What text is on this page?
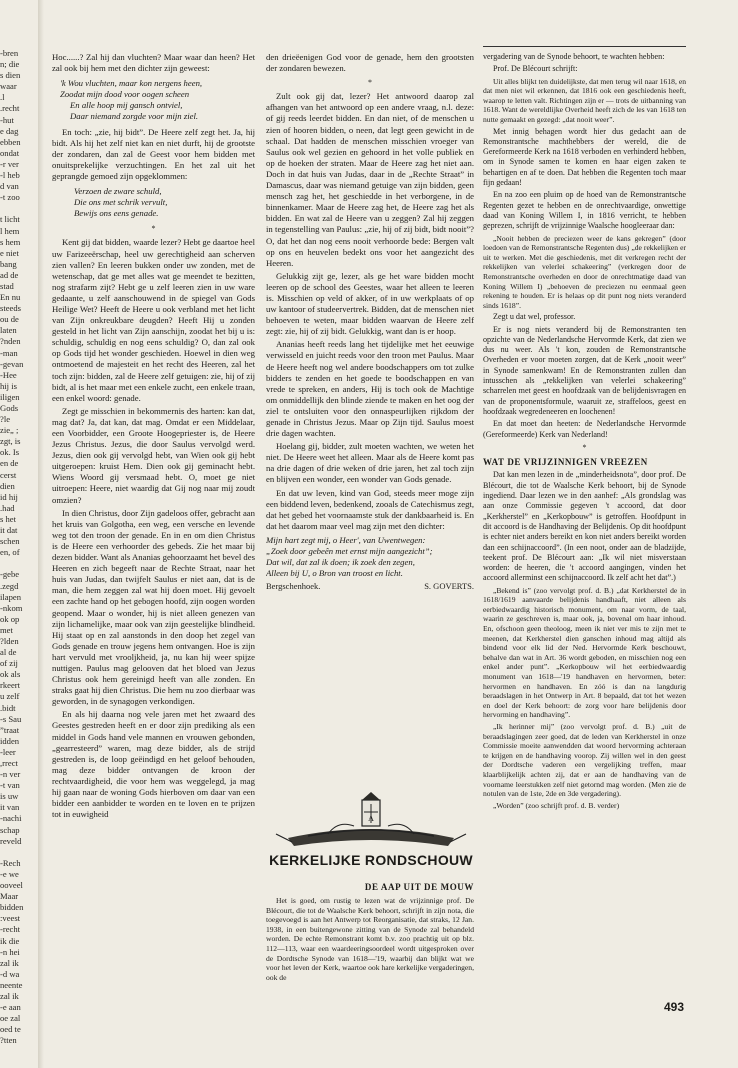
bren-
n; die
s dien
waar
l.
recht.
hut-
e dag
ebben
ondat
r ver-
l heb-
d van
t zoo-

t licht
l hem
s hem
e niet
bang
ad de
stad
En nu
steeds
ou de
laten
nden?
man-
gevan-
Hee-
hij is
iligen
Gods
le?
; „zie
zgt, is
ok. Is
en de
cerst
dien
id hij
had.
s het
it dat
schen
en, of

gebe-
zegd.
ilapen
nkom-
ok op
met
lden?
al de
of zij
ok als
rkeert
u zelf
bidt.
s Sau-
traat”
idden
leer-
rrect,
n ver-
t van-
is uw
it van
nachi-
schap
reveld

Rech-
e we-
ooveel
Maar
bidden
veest:
recht-
ik die
n hei-
zal ik
d wa-
neente
zal ik
e aan-
oe zal
oed te
tten?

Hoc......? Zal hij dan vluchten? Maar waar dan heen? Het zal ook bij hem met den dichter zijn geweest:

'k Wou vluchten, maar kon nergens heen,
Zoodat mijn dood voor oogen scheen
En alle hoop mij gansch ontviel,
Daar niemand zorgde voor mijn ziel.

En toch: „zie, hij bidt”. De Heere zelf zegt het. Ja, hij bidt. Als hij het zelf niet kan en niet durft, hij de grootste der zondaren, dan zal de Geest voor hem bidden met onuitsprekelijke verzuchtingen. En het zal uit het geprangde gemoed zijn opgeklommen:

Verzoen de zware schuld,
Die ons met schrik vervult,
Bewijs ons eens genade.
*

Kent gij dat bidden, waarde lezer? Hebt ge daartoe heel uw Farizeeërschap, heel uw gerechtigheid aan scherven zien vallen? En leeren bukken onder uw zonden, met de wetenschap, dat ge met alles wat ge meendet te bezitten, nog strafarm zijt? Hebt ge u zelf leeren zien in uw ware gedaante, u zelf aanschouwend in de spiegel van Gods Heilige Wet? Heeft de Heere u ook verbland met het licht van Zijn onkreukbare deugden? Heeft Hij u zonden gesteld in het licht van Zijn aanschijn, zoodat het bij u is: schuldig, schuldig en nog eens schuldig? O, dan zal ook op Gods tijd het wonder geschieden. Hoewel in dien weg ontmoetend de majesteit en het recht des Heeren, zal het toch zijn: bidden, zal de Heere zelf getuigen: zie, hij of zij bidt, al is het maar met een enkele zucht, een enkele traan, een enkel woord: genade.

Zegt ge misschien in bekommernis des harten: kan dat, mag dat? Ja, dat kan, dat mag. Omdat er een Middelaar, een Voorbidder, een Groote Hoogepriester is, de Heere Jezus Christus. Jezus, die door Saulus vervolgd werd. Jezus, dien ook gij vervolgd hebt, van Wien ook gij hebt uitgeroepen: kruist Hem. Dien ook gij geminacht hebt. Wiens Woord gij versmaad hebt. O, moet ge niet uitroepen: Heere, niet waardig dat Gij nog naar mij zoudt omzien?

In dien Christus, door Zijn gadeloos offer, gebracht aan het kruis van Golgotha, een weg, een versche en levende weg tot den troon der genade. En in en om dien Christus is de Heere een verhoorder des gebeds. Zie het maar bij dezen bidder. Want als Ananias gehoorzaamt het bevel des Heeren en zich begeeft naar de Rechte Straat, naar het huis van Judas, dan twijfelt Saulus er niet aan, dat is de man, die hem zeggen zal wat hij doen moet. Hij gevoelt een zachte hand op het gebogen hoofd, zijn oogen worden geopend. Maar o wonder, hij is niet alleen genezen van zijn lichamelijke, maar ook van zijn geestelijke blindheid. Hij staat op en zal aanstonds in den doop het zegel van Gods genade en trouw jegens hem ontvangen. Hoe is zijn hart vervuld met vrooljkheid, ja, nu kan hij weer spijze nuttigen. Paulus mag gelooven dat het bloed van Jezus Christus ook hem gereinigd heeft van alle zonden. En straks gaat hij dien Christus. Die hem nu zoo dierbaar was geworden, in de synagogen verkondigen.

En als hij daarna nog vele jaren met het zwaard des Geestes gestreden heeft en er door zijn prediking als een middel in Gods hand vele mannen en vrouwen gebonden, „gearresteerd” waren, mag deze bidder, als de strijd gestreden is, de loop geëindigd en het geloof behouden, mag deze bidder ontvangen de kroon der rechtvaardigheid, die voor hem was weggelegd, ja mag hij gaan naar de woning Gods hierboven om daar van een bidder een aanbidder te worden en te loven en te prijzen tot in euwigheid

den drieëenigen God voor de genade, hem den grootsten der zondaren bewezen.

*

Zult ook gij dat, lezer? Het antwoord daarop zal afhangen van het antwoord op een andere vraag, n.l. deze: of gij reeds leerdet bidden. En dan niet, of de menschen u zien of hooren bidden, o neen, dat legt geen gewicht in de schaal. Dat hadden de menschen misschien vroeger van Saulus ook wel gezien en gehoord in het volle publiek en op de hoeken der straten. Maar de Heere zag het niet aan. Doch in dat huis van Judas, daar in de „Rechte Straat” in Damascus, daar was niemand getuige van zijn bidden, geen mensch zag het, het geschiedde in het verborgene, in de binnenkamer. Maar de Heere zag het, de Heere zag het als bidden. En wat zal de Heere van u zeggen? Zal hij zeggen in tegenstelling van Paulus: „zie, hij of zij bidt, bidt nooit”? O, dat het dan nog eens nooit verhoorde bede: Bergen valt op ons en heuvelen bedekt ons voor het aangezicht des Heeren.

Gelukkig zijt ge, lezer, als ge het ware bidden mocht leeren op de school des Geestes, waar het alleen te leeren is. Misschien op veld of akker, of in uw werkplaats of op uw kantoor of studeervertrek. Bidden, dat de menschen niet behoeven te weten, maar bidden waarvan de Heere zelf zegt: zie, hij of zij bidt. Gelukkig, want dan is er hoop.

Ananias heeft reeds lang het tijdelijke met het eeuwige verwisseld en juicht reeds voor den troon met Paulus. Maar de Heere heeft nog wel andere boodschappers om tot zulke bidders te zenden en het goede te boodschappen en van vrede te spreken, en anders, Hij is toch ook de Machtige om onmiddellijk den blinde ziende te maken en het oog der ziel te ontsluiten voor den onnaspeurlijken rijkdom der genade in Christus Jezus. Maar op Zijn tijd. Saulus moest drie dagen wachten.

Hoelang gij, bidder, zult moeten wachten, we weten het niet. De Heere weet het alleen. Maar als de Heere komt pas na drie dagen of drie weken of drie jaren, het zal toch zijn en blijven een wonder, een wonder van Gods genade.

En dat uw leven, kind van God, steeds meer mogе zijn een biddend leven, bedenkend, zooals de Catechismus zegt, dat het gebed het voornaamste stuk der dankbaarheid is. En dat het daarom maar veel mag zijn met den dichter:

Mijn hart zegt mij, o Heer', van Uwentwegen:
„Zoek door gebeên met ernst mijn aangezicht”;
Dat wil, dat zal ik doen; ik zoek den zegen,
Alleen bij U, o Bron van troost en licht.
Bergschenhoek.	S. GOVERTS.
A
KERKELIJKE RONDSCHOUW
DE AAP UIT DE MOUW

Het is goed, om rustig te lezen wat de vrijzinnige prof. De Blécourt, die tot de Waalsche Kerk behoort, schrijft in zijn nota, die toegevoegd is aan het Antwerp tot Reorganisatie, dat straks, 12 Jan. 1938, in een buitengewone zitting van de Synode zal behandeld worden. De echte Remonstrant komt b.v. zoo prachtig uit op blz. 112—113, waar een waardeeringsoordeel wordt uitgesproken over de Dordtsche Synode van 1618—'19, waarbij dan blijkt wat we voor het leven der Kerk, waartoe ook hare kerkelijke vergaderingen, ook de

vergadering van de Synode behoort, te wachten hebben:

Prof. De Blécourt schrijft:

Uit alles blijkt ten duidelijkste, dat men terug wil naar 1618, en dat men niet wil erkennen, dat 1816 ook een geschiedenis heeft, waarop te letten valt. Richtingen zijn er — trots de uitbanning van 1618. Want de wereldlijke Overheid heeft zich de les van 1618 ten nutte gemaakt en gezegd: „dat nooit weer”.

Met innig behagen wordt hier dus gedacht aan de Remonstrantsche machthebbers der wereld, die de Gereformeerde Kerk na 1618 verboden en verhinderd hebben, om in Synode samen te komen en haar eigen zaken te behartigen en af te doen. Dat hebben die Regenten toch maar fijn gedaan!

En na zoo een pluim op de hoed van de Remonstrantsche Regenten gezet te hebben en de onrechtvaardige, onwettige daad van Koning Willem I, in 1816 verricht, te hebben geprezen, schrijft de vrijzinnige Waalsche hoogleeraar dan:

„Nooit hebben de preciezen weer de kans gekregen” (door loedoen van de Remonstrantsche Regenten dus) „de rekkelijken er uit te werken. Met die geschiedenis, met dit verkregen recht der rekkelijken van velerlei schakeering” (verkregen door de Remonstrantsche overheden en door de onrechtmatige daad van Koning Willem I) „behoeven de preciezen nu eenmaal geen rekening te houden. Er is helaas op dit punt nog niets veranderd sinds 1618”.

Zegt u dat wel, professor.

Er is nog niets veranderd bij de Remonstranten ten opzichte van de Nederlandsche Hervormde Kerk, dat zien we dus nu weer. Als 't kon, zouden de Remonstrantsche Overheden er voor moeten zorgen, dat de Kerk „nooit weer” in Synode samenkwam! En de Remonstranten zullen dan intusschen als „rekkelijken van velerlei schakeering” scharrelen met geest en hoofdzaak van de belijdenisvragen en van de proponentsformule, waaruit ze, straffeloos, geest en hoofdzaak wegredeneeren en loochenen!

En dat moet dan heeten: de Nederlandsche Hervormde (Gereformeerde) Kerk van Nederland!

*
WAT DE VRIJZINNIGEN VREEZEN

Dat kan men lezen in de „minderheidsnota”, door prof. De Blécourt, die tot de Waalsche Kerk behoort, bij de Synode ingediend. Daar lezen we in den aanhef: „Als grondslag was aan onze Commissie gegeven 't accoord, dat door „Kerkherstel” en „Kerkopbouw” is getroffen. Hoofdpunt in dit accoord is de Handhaving der Belijdenis. Op dit hoofdpunt is echter niet anders bereikt en kon niet anders bereikt worden dan een schijnaccoord”. (In een noot, onder aan de bladzijde, teekent prof. De Blécourt aan: „Ik wil niet misverstaan worden: de heeren, die 't accoord aangingen, vinden het accoord allerminst een schijnaccoord. Ik zelf acht het dat”.)

„Bekend is” (zoo vervolgt prof. d. B.) „dat Kerkherstel de in 1618/1619 aanvaarde belijdenis handhaaft, niet alleen als eerbiedwaardig historisch monument, om naar vorm, de taal, waarin ze geschreven is, maar ook, ja, bovenal om haar inhoud. En, ofschoon geen theoloog, meen ik niet ver mis te zijn met te meenen, dat Kerkherstel dien ganschen inhoud mag altijd als bindend voor elk lid der Ned. Hervormde Kerk beschouwt, behalve dan wat in Art. 36 wordt geboden, en misschien nog een enkel ander punt”. „Kerkopbouw wil het eerbiedwaardig monument van 1618—'19 handhaven en hervormen, beter: hervormen en handhaven. En zóó is dan na langdurig beraadslagen in het Ontwerp in Art. 8 bepaald, dat tot het wezen en doel der Kerk behoort: de zorg voor hare belijdenis door hervorming en handhaving”.

„Ik herinner mij” (zoo vervolgt prof. d. B.) „uit de beraadslagingen zeer goed, dat de leden van Kerkherstel in onze Commissie moeite aanwendden dat woord hervorming achteraan te krijgen en de handhaving voorop. Zij willen wel in den geest der Dordtsche vaderen een vergelijking treffen, maar klaarblijkelijk achten zij, dat er aan de handhaving van de voorname leerstukken zelf niet getornd mag worden. (Men zie de notulen van de 1ste, 2de en 3de vergadering).

„Worden” (zoo schrijft prof. d. B. verder)

493
